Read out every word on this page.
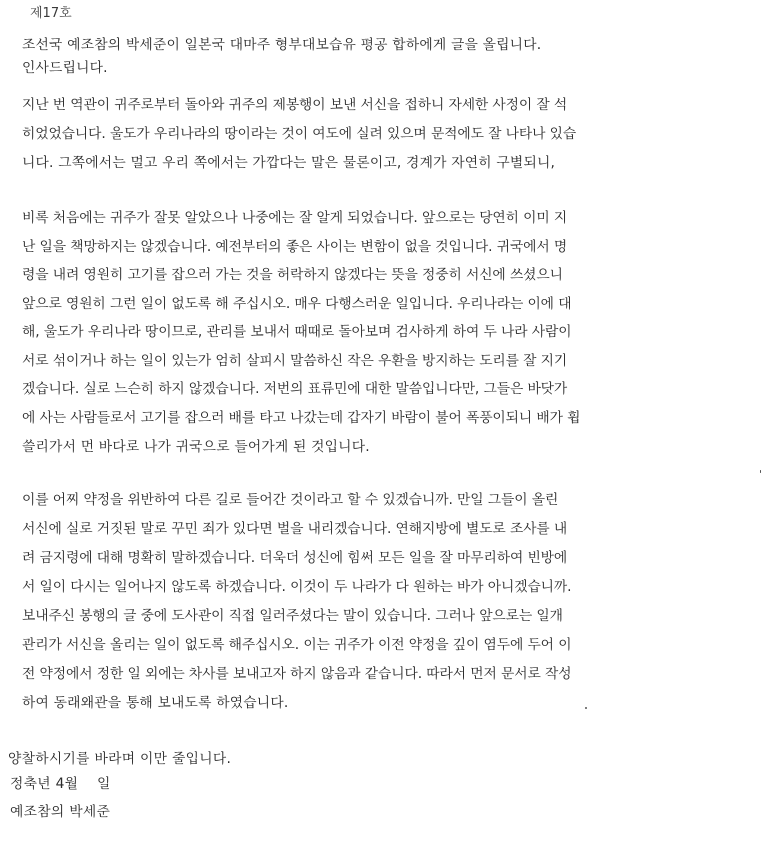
제17호
조선국 예조참의 박세준이 일본국 대마주 형부대보습유 평공 합하에게 글을 올립니다.
인사드립니다.
지난 번 역관이 귀주로부터 돌아와 귀주의 제봉행이 보낸 서신을 접하니 자세한 사정이 잘 석
히었었습니다. 울도가 우리나라의 땅이라는 것이 여도에 실려 있으며 문적에도 잘 나타나 있습
니다. 그쪽에서는 멀고 우리 쪽에서는 가깝다는 말은 물론이고, 경계가 자연히 구별되니,
비록 처음에는 귀주가 잘못 알았으나 나중에는 잘 알게 되었습니다. 앞으로는 당연히 이미 지
난 일을 책망하지는 않겠습니다. 예전부터의 좋은 사이는 변함이 없을 것입니다. 귀국에서 명
령을 내려 영원히 고기를 잡으러 가는 것을 허락하지 않겠다는 뜻을 정중히 서신에 쓰셨으니
앞으로 영원히 그런 일이 없도록 해 주십시오. 매우 다행스러운 일입니다. 우리나라는 이에 대
해, 울도가 우리나라 땅이므로, 관리를 보내서 때때로 돌아보며 검사하게 하여 두 나라 사람이
서로 섞이거나 하는 일이 있는가 엄히 살피시 말씀하신 작은 우환을 방지하는 도리를 잘 지기
겠습니다. 실로 느슨히 하지 않겠습니다. 저번의 표류민에 대한 말씀입니다만, 그들은 바닷가
에 사는 사람들로서 고기를 잡으러 배를 타고 나갔는데 갑자기 바람이 불어 폭풍이되니 배가 휩
쓸리가서 먼 바다로 나가 귀국으로 들어가게 된 것입니다.
이를 어찌 약정을 위반하여 다른 길로 들어간 것이라고 할 수 있겠습니까. 만일 그들이 올린
서신에 실로 거짓된 말로 꾸민 죄가 있다면 벌을 내리겠습니다. 연해지방에 별도로 조사를 내
려 금지령에 대해 명확히 말하겠습니다. 더욱더 성신에 힘써 모든 일을 잘 마무리하여 빈방에
서 일이 다시는 일어나지 않도록 하겠습니다. 이것이 두 나라가 다 원하는 바가 아니겠습니까.
보내주신 봉행의 글 중에 도사관이 직접 일러주셨다는 말이 있습니다. 그러나 앞으로는 일개
관리가 서신을 올리는 일이 없도록 해주십시오. 이는 귀주가 이전 약정을 깊이 염두에 두어 이
전 약정에서 정한 일 외에는 차사를 보내고자 하지 않음과 같습니다. 따라서 먼저 문서로 작성
하여 동래왜관을 통해 보내도록 하였습니다.
양찰하시기를 바라며 이만 줄입니다.
정축년 4월    일
예조참의 박세준
